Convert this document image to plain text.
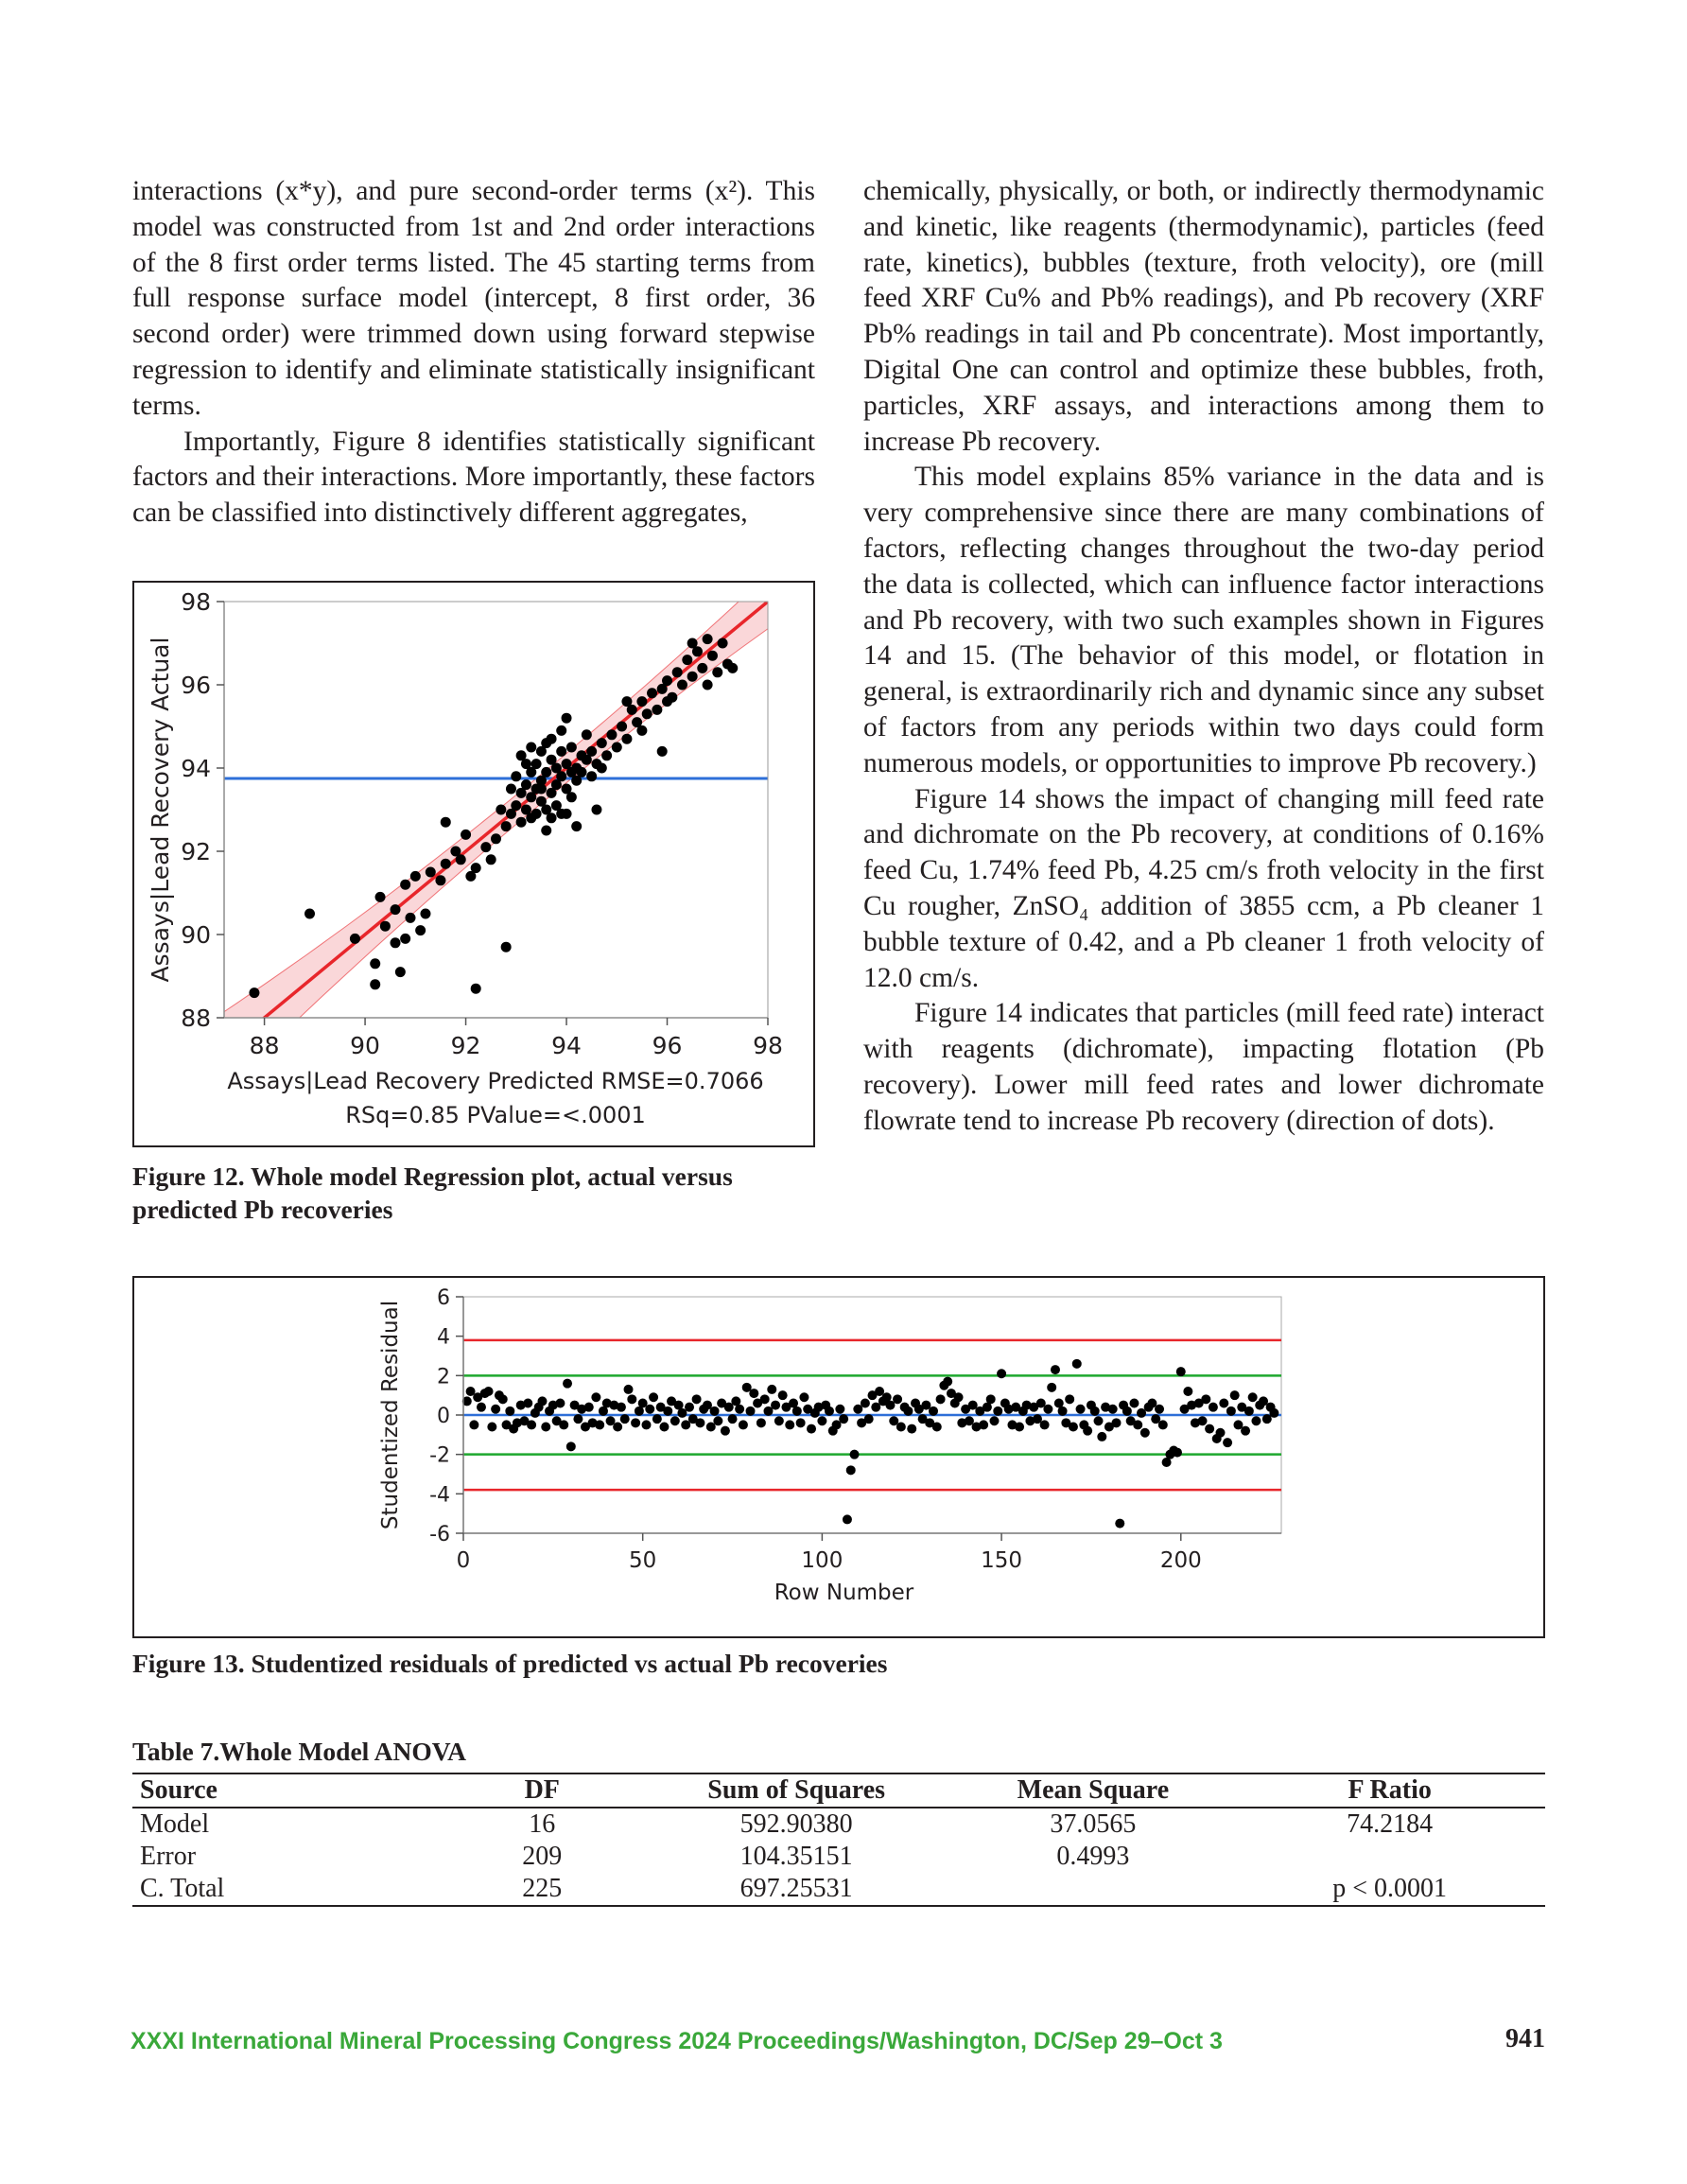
interactions (x*y), and pure second-order terms (x²). This model was constructed from 1st and 2nd order interactions of the 8 first order terms listed. The 45 starting terms from full response surface model (intercept, 8 first order, 36 second order) were trimmed down using forward stepwise regression to identify and eliminate statistically insignificant terms.

Importantly, Figure 8 identifies statistically significant factors and their interactions. More importantly, these factors can be classified into distinctively different aggregates,

chemically, physically, or both, or indirectly thermodynamic and kinetic, like reagents (thermodynamic), particles (feed rate, kinetics), bubbles (texture, froth velocity), ore (mill feed XRF Cu% and Pb% readings), and Pb recovery (XRF Pb% readings in tail and Pb concentrate). Most importantly, Digital One can control and optimize these bubbles, froth, particles, XRF assays, and interactions among them to increase Pb recovery.

This model explains 85% variance in the data and is very comprehensive since there are many combinations of factors, reflecting changes throughout the two-day period the data is collected, which can influence factor interactions and Pb recovery, with two such examples shown in Figures 14 and 15. (The behavior of this model, or flotation in general, is extraordinarily rich and dynamic since any subset of factors from any periods within two days could form numerous models, or opportunities to improve Pb recovery.)

Figure 14 shows the impact of changing mill feed rate and dichromate on the Pb recovery, at conditions of 0.16% feed Cu, 1.74% feed Pb, 4.25 cm/s froth velocity in the first Cu rougher, ZnSO₄ addition of 3855 ccm, a Pb cleaner 1 bubble texture of 0.42, and a Pb cleaner 1 froth velocity of 12.0 cm/s.

Figure 14 indicates that particles (mill feed rate) interact with reagents (dichromate), impacting flotation (Pb recovery). Lower mill feed rates and lower dichromate flowrate tend to increase Pb recovery (direction of dots).

88
90
92
94
96
98
88	90	92	94	96	98
Assays|Lead Recovery Predicted RMSE=0.7066
RSq=0.85 PValue=<.0001
Assays|Lead Recovery Actual
Figure 12. Whole model Regression plot, actual versus predicted Pb recoveries
-6
-4
-2
0
2
4
6
0	50	100	150	200
Row Number
Studentized Residual
Figure 13. Studentized residuals of predicted vs actual Pb recoveries
Table 7.Whole Model ANOVA
Source	DF	Sum of Squares	Mean Square	F Ratio
Model	16	592.90380	37.0565	74.2184
Error	209	104.35151	0.4993	
C. Total	225	697.25531		p < 0.0001
XXXI International Mineral Processing Congress 2024 Proceedings/Washington, DC/Sep 29–Oct 3	941
